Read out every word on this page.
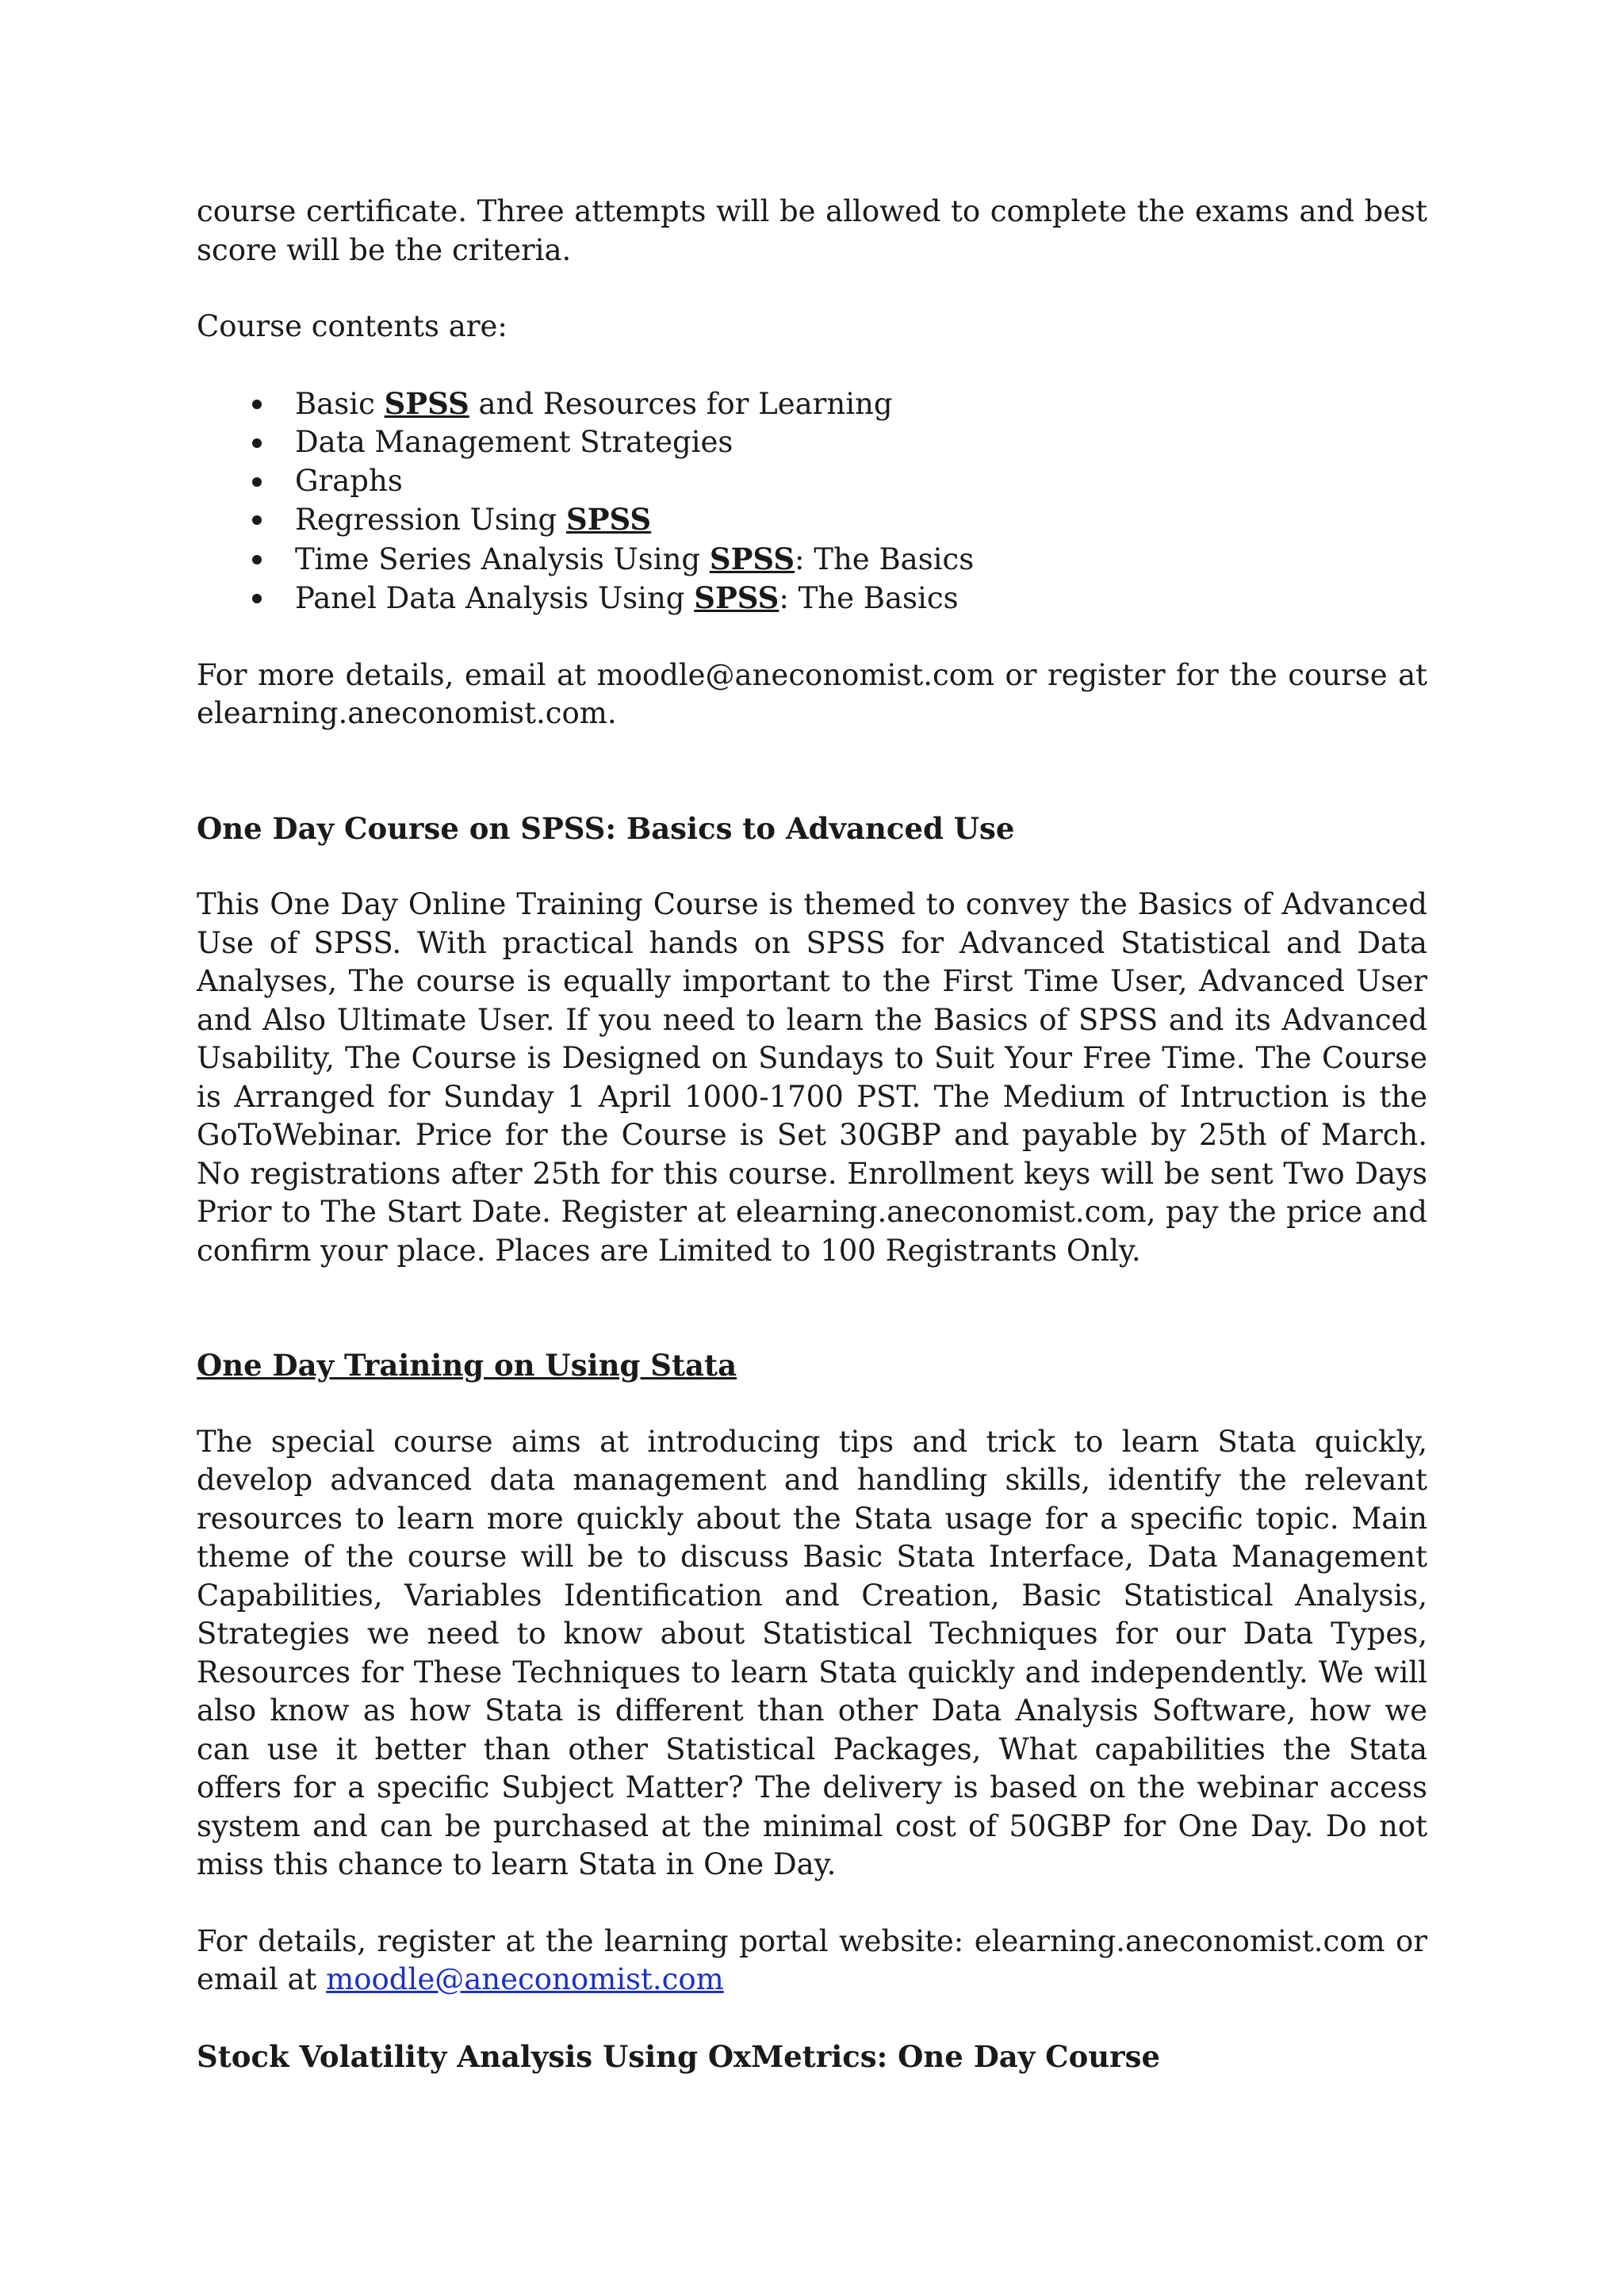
course certificate. Three attempts will be allowed to complete the exams and best score will be the criteria.

Course contents are:

Basic SPSS and Resources for Learning
Data Management Strategies
Graphs
Regression Using SPSS
Time Series Analysis Using SPSS: The Basics
Panel Data Analysis Using SPSS: The Basics

For more details, email at moodle@aneconomist.com or register for the course at elearning.aneconomist.com.

One Day Course on SPSS: Basics to Advanced Use

This One Day Online Training Course is themed to convey the Basics of Advanced Use of SPSS. With practical hands on SPSS for Advanced Statistical and Data Analyses, The course is equally important to the First Time User, Advanced User and Also Ultimate User. If you need to learn the Basics of SPSS and its Advanced Usability, The Course is Designed on Sundays to Suit Your Free Time. The Course is Arranged for Sunday 1 April 1000-1700 PST. The Medium of Intruction is the GoToWebinar. Price for the Course is Set 30GBP and payable by 25th of March. No registrations after 25th for this course. Enrollment keys will be sent Two Days Prior to The Start Date. Register at elearning.aneconomist.com, pay the price and confirm your place. Places are Limited to 100 Registrants Only.

One Day Training on Using Stata

The special course aims at introducing tips and trick to learn Stata quickly, develop advanced data management and handling skills, identify the relevant resources to learn more quickly about the Stata usage for a specific topic. Main theme of the course will be to discuss Basic Stata Interface, Data Management Capabilities, Variables Identification and Creation, Basic Statistical Analysis, Strategies we need to know about Statistical Techniques for our Data Types, Resources for These Techniques to learn Stata quickly and independently. We will also know as how Stata is different than other Data Analysis Software, how we can use it better than other Statistical Packages, What capabilities the Stata offers for a specific Subject Matter? The delivery is based on the webinar access system and can be purchased at the minimal cost of 50GBP for One Day. Do not miss this chance to learn Stata in One Day.

For details, register at the learning portal website: elearning.aneconomist.com or email at moodle@aneconomist.com

Stock Volatility Analysis Using OxMetrics: One Day Course
